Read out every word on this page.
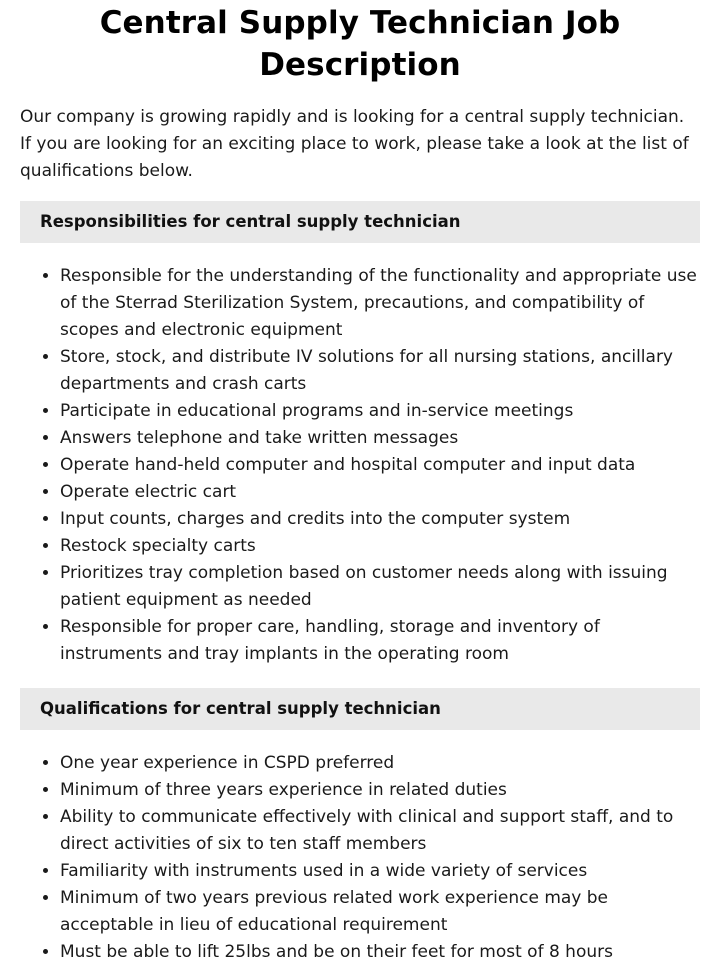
Central Supply Technician Job Description

Our company is growing rapidly and is looking for a central supply technician. If you are looking for an exciting place to work, please take a look at the list of qualifications below.

Responsibilities for central supply technician
• Responsible for the understanding of the functionality and appropriate use of the Sterrad Sterilization System, precautions, and compatibility of scopes and electronic equipment
• Store, stock, and distribute IV solutions for all nursing stations, ancillary departments and crash carts
• Participate in educational programs and in-service meetings
• Answers telephone and take written messages
• Operate hand-held computer and hospital computer and input data
• Operate electric cart
• Input counts, charges and credits into the computer system
• Restock specialty carts
• Prioritizes tray completion based on customer needs along with issuing patient equipment as needed
• Responsible for proper care, handling, storage and inventory of instruments and tray implants in the operating room
Qualifications for central supply technician
• One year experience in CSPD preferred
• Minimum of three years experience in related duties
• Ability to communicate effectively with clinical and support staff, and to direct activities of six to ten staff members
• Familiarity with instruments used in a wide variety of services
• Minimum of two years previous related work experience may be acceptable in lieu of educational requirement
• Must be able to lift 25lbs and be on their feet for most of 8 hours
